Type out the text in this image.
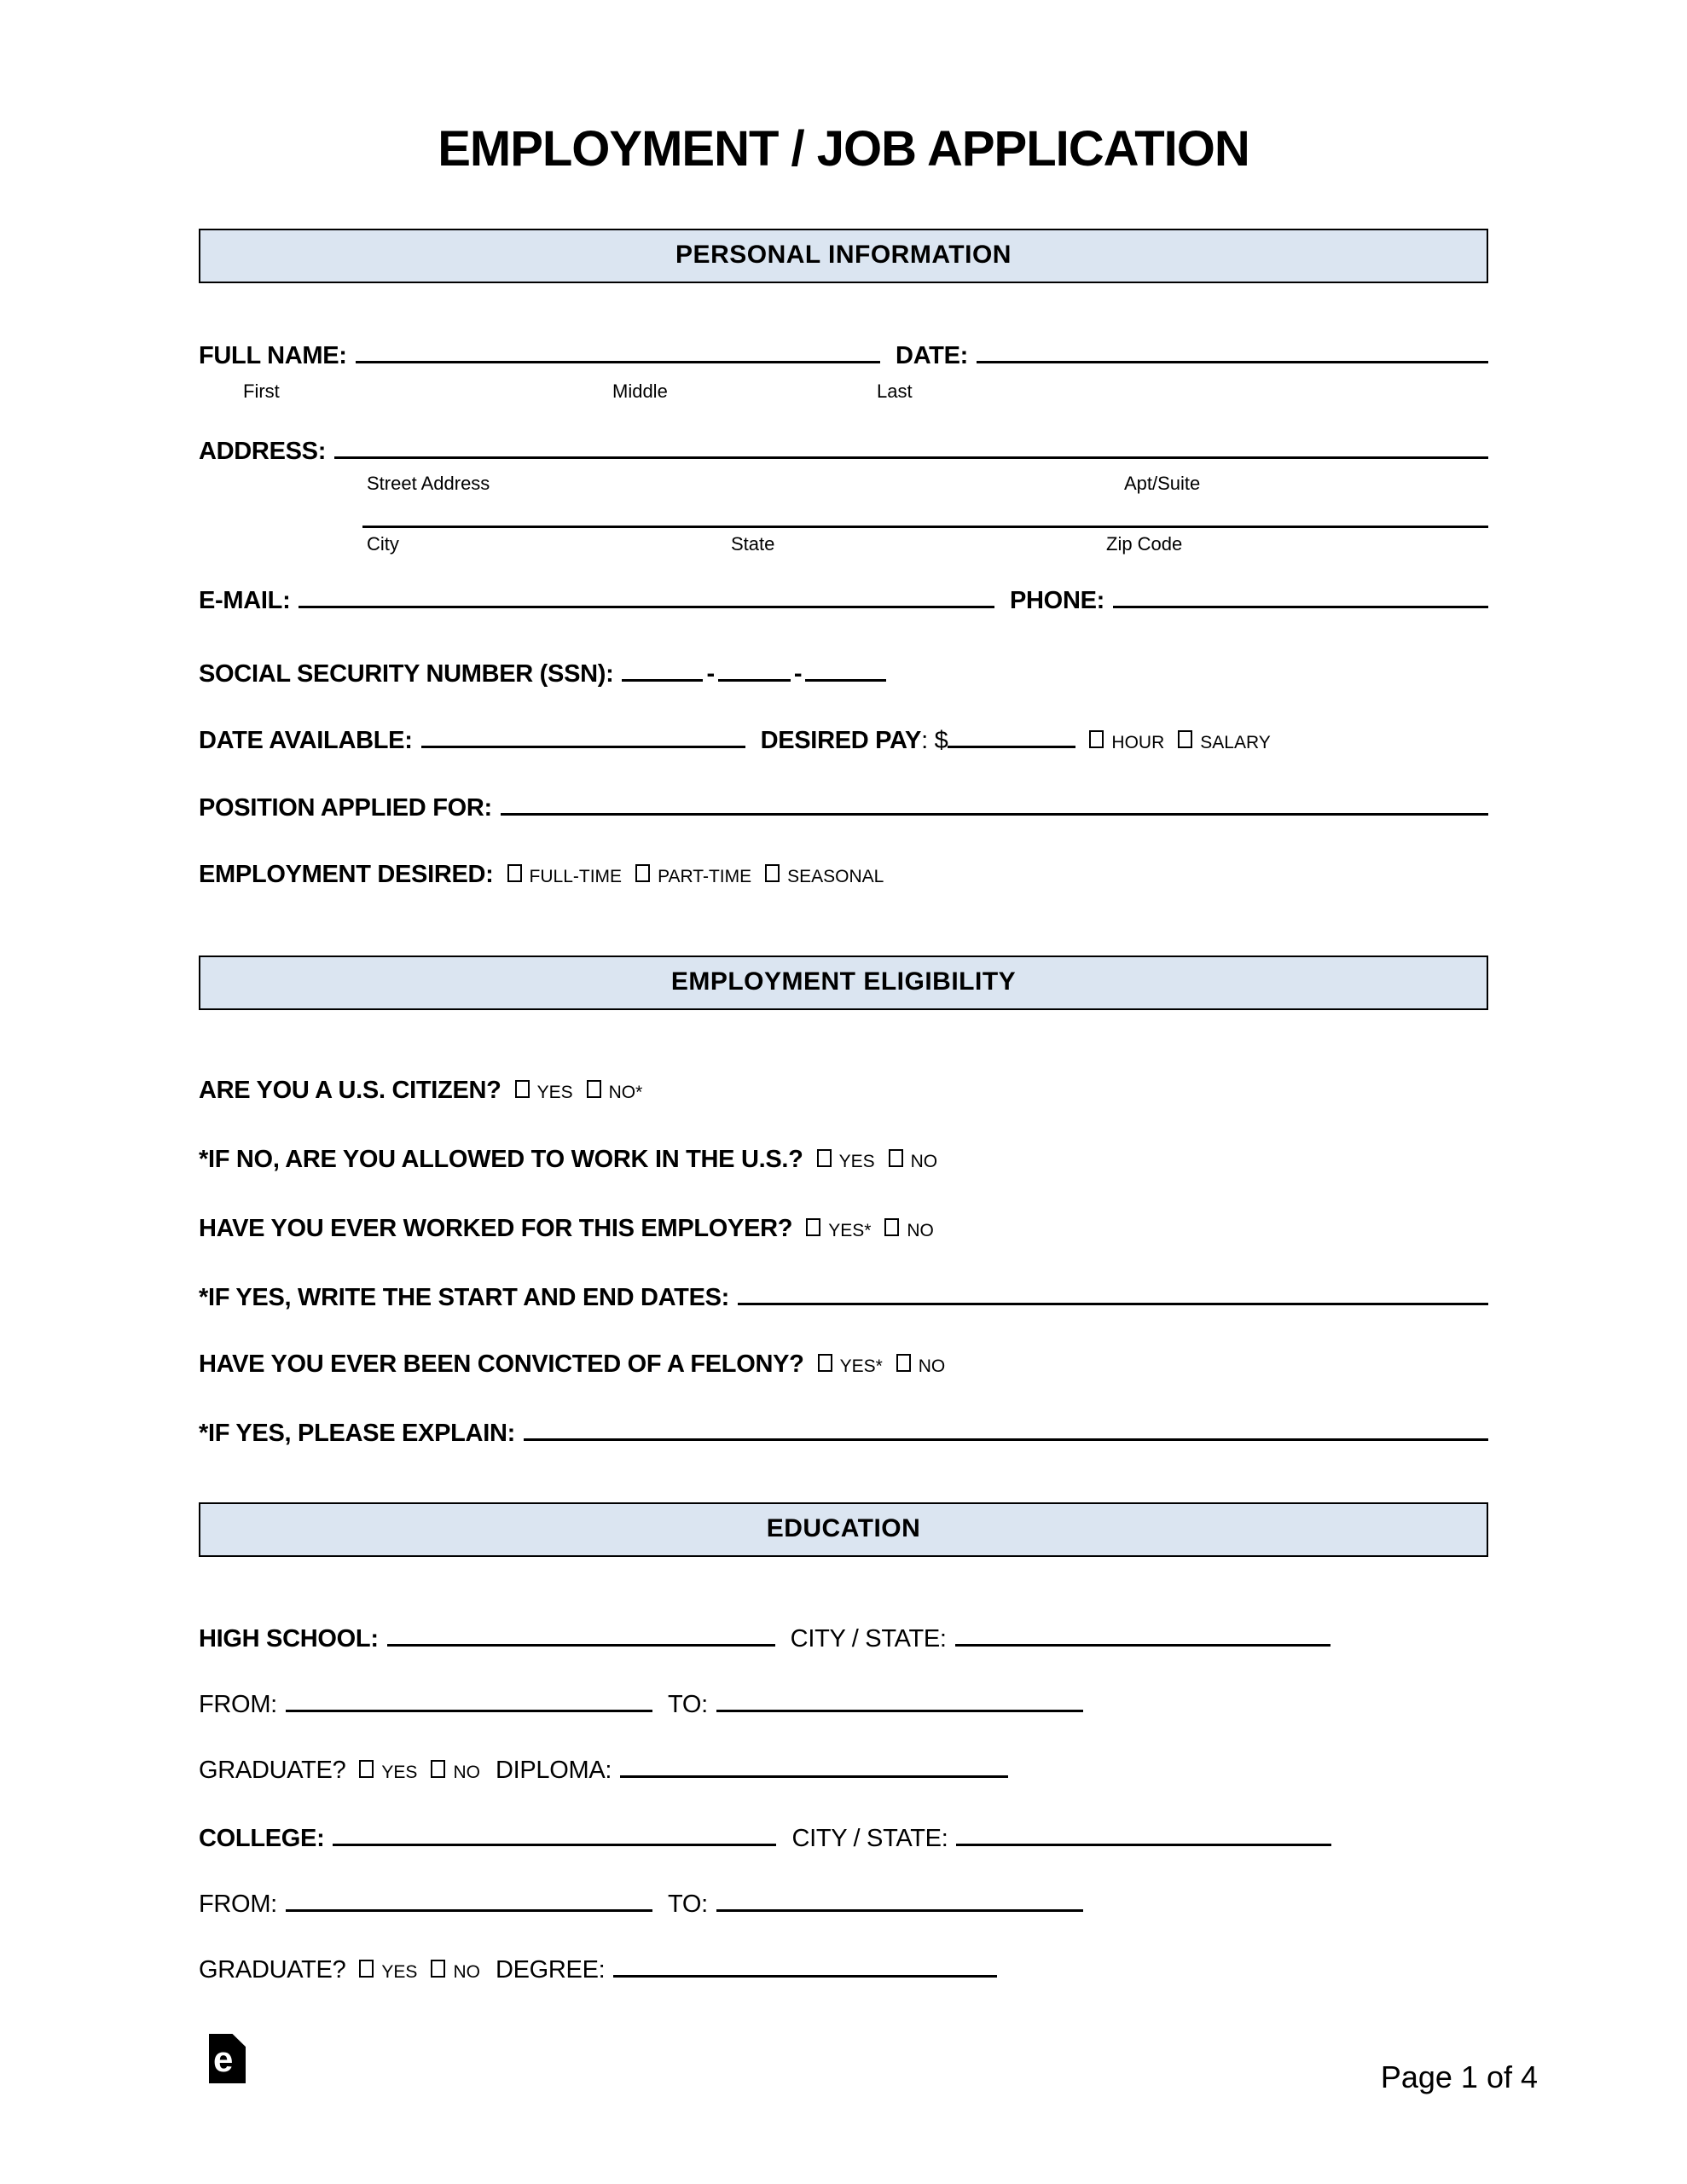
EMPLOYMENT / JOB APPLICATION
PERSONAL INFORMATION
FULL NAME:	DATE:
First	Middle	Last
ADDRESS:
Street Address	Apt/Suite
City	State	Zip Code
E-MAIL:	PHONE:
SOCIAL SECURITY NUMBER (SSN):	-	-
DATE AVAILABLE:	DESIRED PAY : $	HOUR	SALARY
POSITION APPLIED FOR:
EMPLOYMENT DESIRED:	FULL-TIME	PART-TIME	SEASONAL
EMPLOYMENT ELIGIBILITY
ARE YOU A U.S. CITIZEN?	YES	NO*
*IF NO, ARE YOU ALLOWED TO WORK IN THE U.S.?	YES	NO
HAVE YOU EVER WORKED FOR THIS EMPLOYER?	YES*	NO
*IF YES, WRITE THE START AND END DATES:
HAVE YOU EVER BEEN CONVICTED OF A FELONY?	YES*	NO
*IF YES, PLEASE EXPLAIN:
EDUCATION
HIGH SCHOOL:	CITY / STATE:
FROM:	TO:
GRADUATE?	YES	NO DIPLOMA:
COLLEGE:	CITY / STATE:
FROM:	TO:
GRADUATE?	YES	NO DEGREE:
e	Page 1 of 4
